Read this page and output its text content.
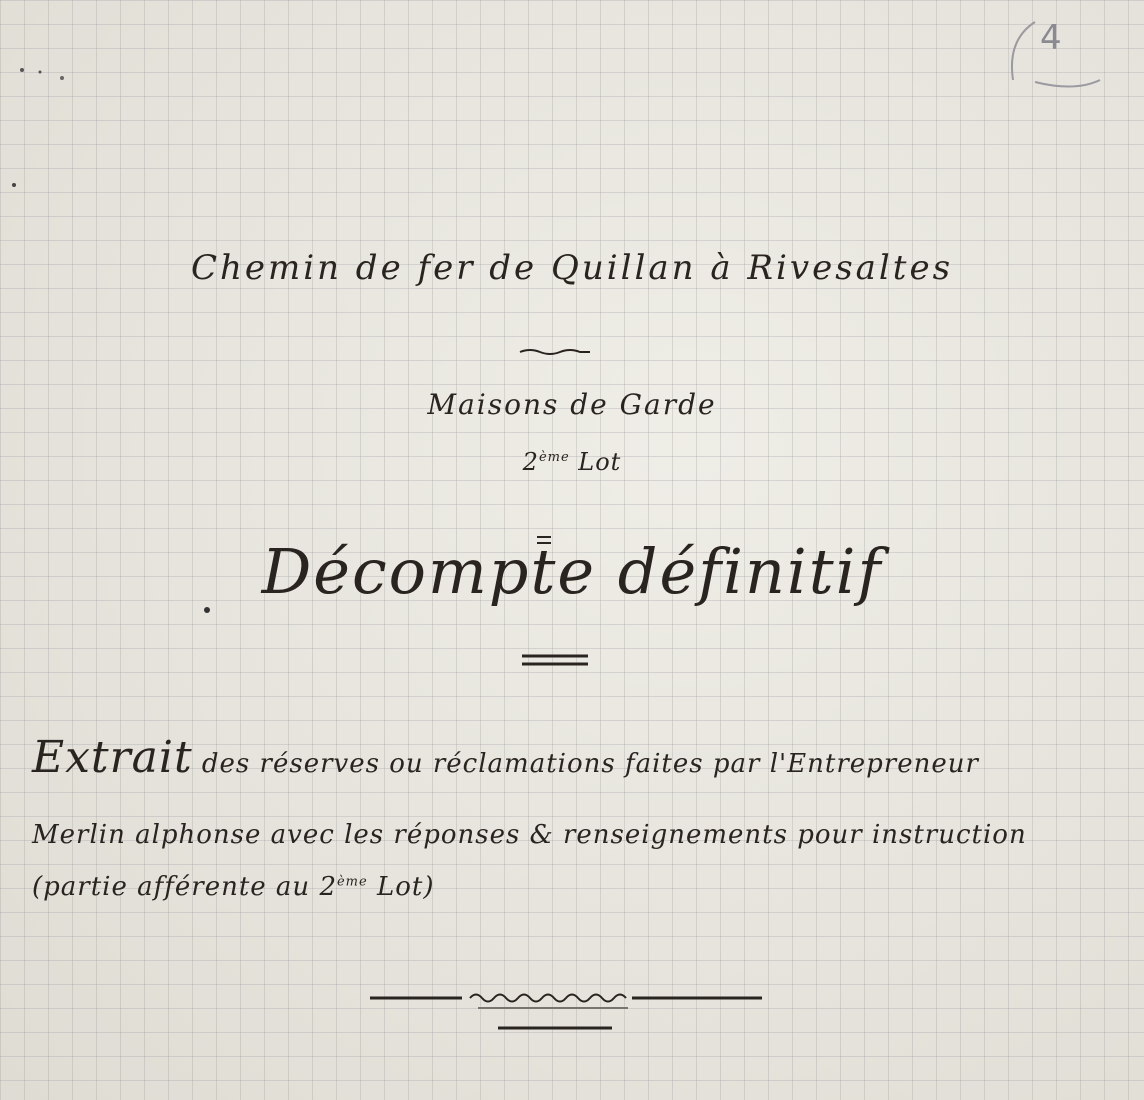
4
Chemin de fer de Quillan à Rivesaltes
Maisons de Garde
2ème Lot
Décompte définitif
Extrait des réserves ou réclamations faites par l'Entrepreneur
Merlin alphonse avec les réponses & renseignements pour instruction
(partie afférente au 2ème Lot)
